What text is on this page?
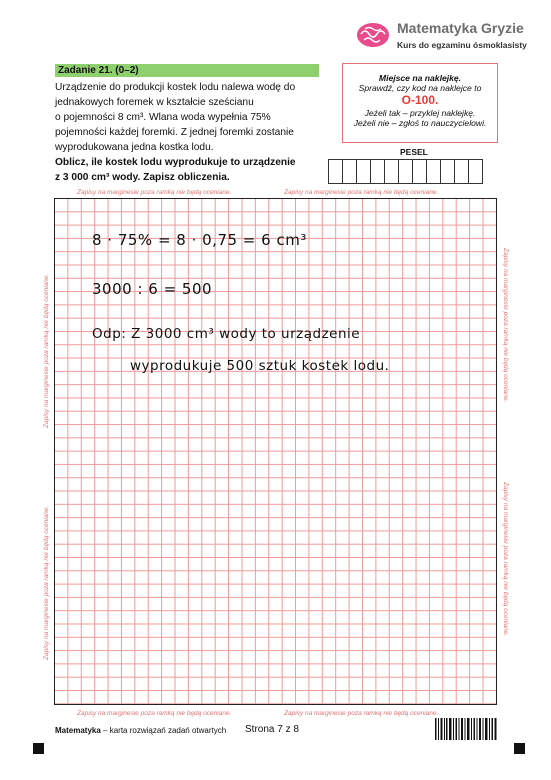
Matematyka Gryzie
Kurs do egzaminu ósmoklasisty
Zadanie 21. (0–2)
Urządzenie do produkcji kostek lodu nalewa wodę do
jednakowych foremek w kształcie sześcianu
o pojemności 8 cm³. Wlana woda wypełnia 75%
pojemności każdej foremki. Z jednej foremki zostanie
wyprodukowana jedna kostka lodu.
Oblicz, ile kostek lodu wyprodukuje to urządzenie
z 3 000 cm³ wody. Zapisz obliczenia.
Miejsce na naklejkę.
Sprawdź, czy kod na naklejce to
O-100.
Jeżeli tak – przyklej naklejkę.
Jeżeli nie – zgłoś to nauczycielowi.
PESEL
Zapisy na marginesie poza ramką nie będą oceniane.	Zapisy na marginesie poza ramką nie będą oceniane.
Zapisy na marginesie poza ramką nie będą oceniane.	Zapisy na marginesie poza ramką nie będą oceniane.
Zapisy na marginesie poza ramką nie będą oceniane.
Zapisy na marginesie poza ramką nie będą oceniane.
Zapisy na marginesie poza ramką nie będą oceniane.
Zapisy na marginesie poza ramką nie będą oceniane.
8 · 75% = 8 · 0,75 = 6 cm³
3000 : 6 = 500
Odp: Z 3000 cm³ wody to urządzenie
wyprodukuje 500 sztuk kostek lodu.
Matematyka – karta rozwiązań zadań otwartych Strona 7 z 8
